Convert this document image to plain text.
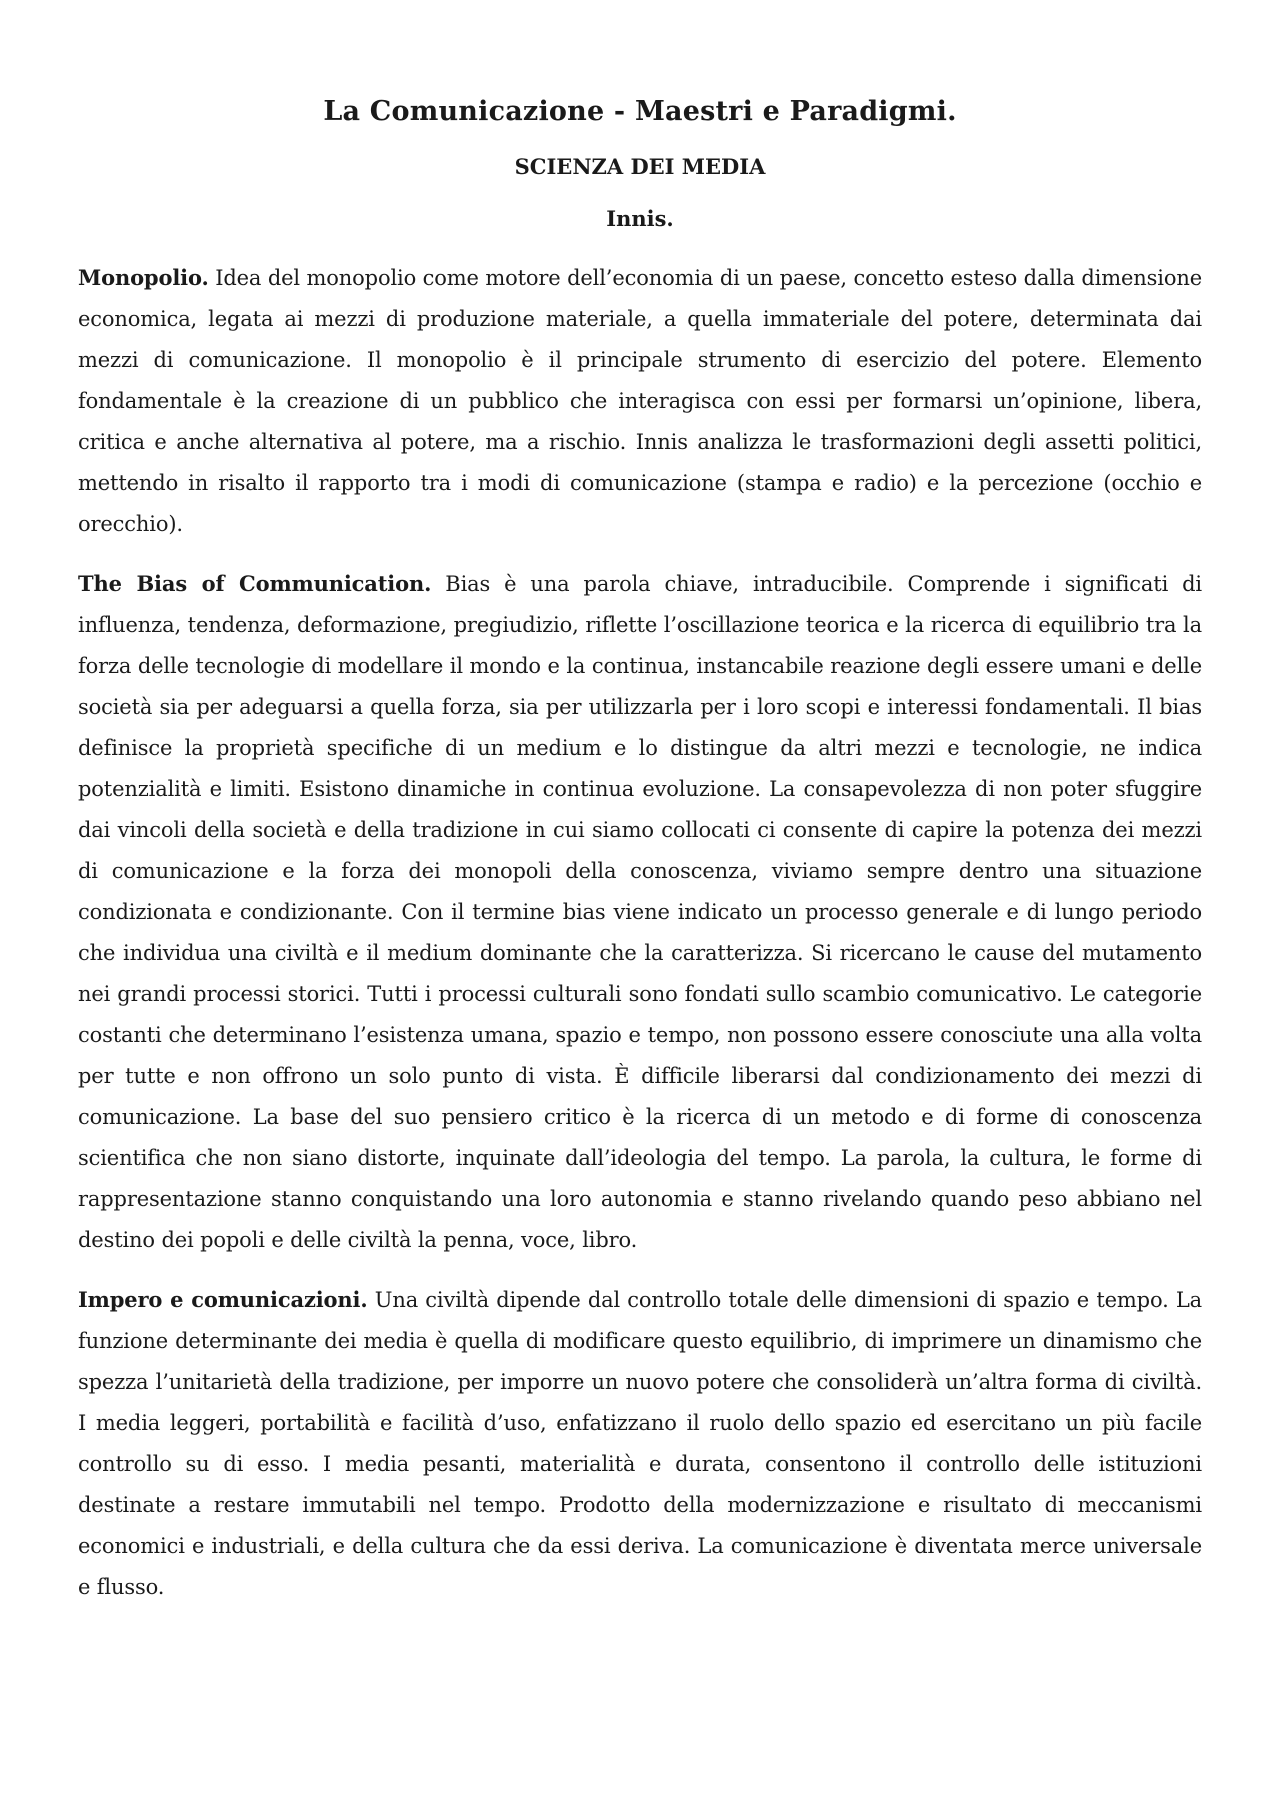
La Comunicazione - Maestri e Paradigmi.
SCIENZA DEI MEDIA
Innis.

Monopolio. Idea del monopolio come motore dell’economia di un paese, concetto esteso dalla dimensione economica, legata ai mezzi di produzione materiale, a quella immateriale del potere, determinata dai mezzi di comunicazione. Il monopolio è il principale strumento di esercizio del potere. Elemento fondamentale è la creazione di un pubblico che interagisca con essi per formarsi un’opinione, libera, critica e anche alternativa al potere, ma a rischio. Innis analizza le trasformazioni degli assetti politici, mettendo in risalto il rapporto tra i modi di comunicazione (stampa e radio) e la percezione (occhio e orecchio).

The Bias of Communication. Bias è una parola chiave, intraducibile. Comprende i significati di influenza, tendenza, deformazione, pregiudizio, riflette l’oscillazione teorica e la ricerca di equilibrio tra la forza delle tecnologie di modellare il mondo e la continua, instancabile reazione degli essere umani e delle società sia per adeguarsi a quella forza, sia per utilizzarla per i loro scopi e interessi fondamentali. Il bias definisce la proprietà specifiche di un medium e lo distingue da altri mezzi e tecnologie, ne indica potenzialità e limiti. Esistono dinamiche in continua evoluzione. La consapevolezza di non poter sfuggire dai vincoli della società e della tradizione in cui siamo collocati ci consente di capire la potenza dei mezzi di comunicazione e la forza dei monopoli della conoscenza, viviamo sempre dentro una situazione condizionata e condizionante. Con il termine bias viene indicato un processo generale e di lungo periodo che individua una civiltà e il medium dominante che la caratterizza. Si ricercano le cause del mutamento nei grandi processi storici. Tutti i processi culturali sono fondati sullo scambio comunicativo. Le categorie costanti che determinano l’esistenza umana, spazio e tempo, non possono essere conosciute una alla volta per tutte e non offrono un solo punto di vista. È difficile liberarsi dal condizionamento dei mezzi di comunicazione. La base del suo pensiero critico è la ricerca di un metodo e di forme di conoscenza scientifica che non siano distorte, inquinate dall’ideologia del tempo. La parola, la cultura, le forme di rappresentazione stanno conquistando una loro autonomia e stanno rivelando quando peso abbiano nel destino dei popoli e delle civiltà la penna, voce, libro.

Impero e comunicazioni. Una civiltà dipende dal controllo totale delle dimensioni di spazio e tempo. La funzione determinante dei media è quella di modificare questo equilibrio, di imprimere un dinamismo che spezza l’unitarietà della tradizione, per imporre un nuovo potere che consoliderà un’altra forma di civiltà. I media leggeri, portabilità e facilità d’uso, enfatizzano il ruolo dello spazio ed esercitano un più facile controllo su di esso. I media pesanti, materialità e durata, consentono il controllo delle istituzioni destinate a restare immutabili nel tempo. Prodotto della modernizzazione e risultato di meccanismi economici e industriali, e della cultura che da essi deriva. La comunicazione è diventata merce universale e flusso.
